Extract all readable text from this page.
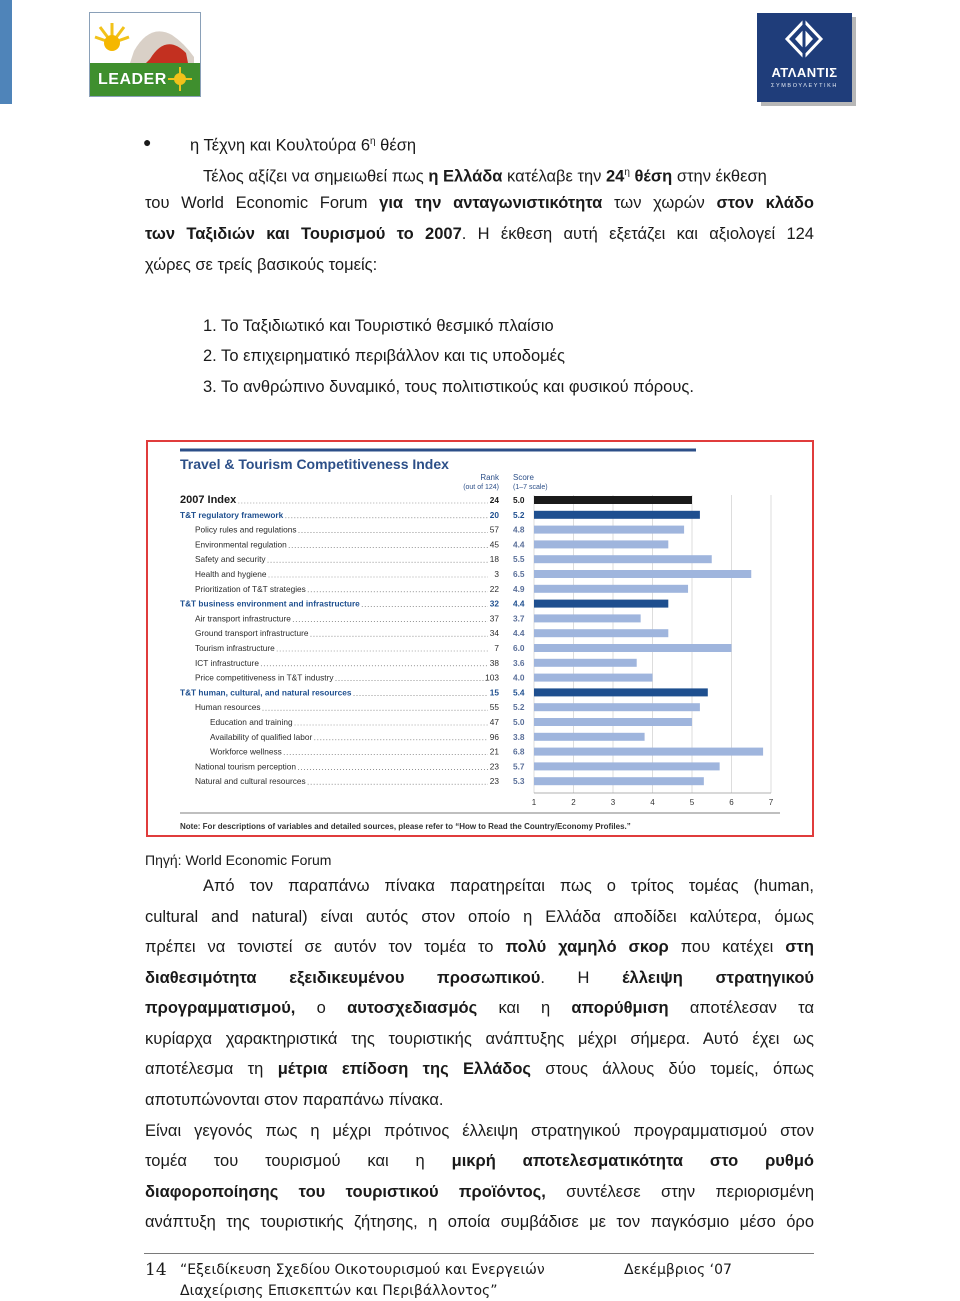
LEADER	ΑΤΛΑΝΤΙΣ
ΣΥΜΒΟΥΛΕΥΤΙΚΗ
● η Τέχνη και Κουλτούρα $6^\eta$ θέση
Τέλος αξίζει να σημειωθεί πως η Ελλάδα κατέλαβε την $24^\eta$ θέση στην έκθεση
του World Economic Forum για την ανταγωνιστικότητα των χωρών στον κλάδο
των Ταξιδιών και Τουρισμού το 2007. Η έκθεση αυτή εξετάζει και αξιολογεί 124
χώρες σε τρείς βασικούς τομείς:
1. Το Ταξιδιωτικό και Τουριστικό θεσμικό πλαίσιο
2. Το επιχειρηματικό περιβάλλον και τις υποδομές
3. Το ανθρώπινο δυναμικό, τους πολιτιστικούς και φυσικού πόρους.
Travel & Tourism Competitiveness Index
Rank
(out of 124)
Score
(1–7 scale)
2007 Index	24 5.0
T&T regulatory framework	20 5.2
Policy rules and regulations	57 4.8
Environmental regulation	45 4.4
Safety and security	18 5.5
Health and hygiene	3 6.5
Prioritization of T&T strategies	22 4.9
T&T business environment and infrastructure	32 4.4
Air transport infrastructure	37 3.7
Ground transport infrastructure	34 4.4
Tourism infrastructure	7 6.0
ICT infrastructure	38 3.6
Price competitiveness in T&T industry	103 4.0
T&T human, cultural, and natural resources	15 5.4
Human resources	55 5.2
Education and training	47 5.0
Availability of qualified labor	96 3.8
Workforce wellness	21 6.8
National tourism perception	23 5.7
Natural and cultural resources	23 5.3
1	2	3	4	5	6	7
Note: For descriptions of variables and detailed sources, please refer to “How to Read the Country/Economy Profiles.”
Πηγή: World Economic Forum
Από τον παραπάνω πίνακα παρατηρείται πως ο τρίτος τομέας (human,
cultural and natural) είναι αυτός στον οποίο η Ελλάδα αποδίδει καλύτερα, όμως
πρέπει να τονιστεί σε αυτόν τον τομέα το πολύ χαμηλό σκορ που κατέχει στη
διαθεσιμότητα εξειδικευμένου προσωπικού. Η έλλειψη στρατηγικού
προγραμματισμού, ο αυτοσχεδιασμός και η απορύθμιση αποτέλεσαν τα
κυρίαρχα χαρακτηριστικά της τουριστικής ανάπτυξης μέχρι σήμερα. Αυτό έχει ως
αποτέλεσμα τη μέτρια επίδοση της Ελλάδος στους άλλους δύο τομείς, όπως
αποτυπώνονται στον παραπάνω πίνακα.
Είναι γεγονός πως η μέχρι πρότινος έλλειψη στρατηγικού προγραμματισμού στον
τομέα του τουρισμού και η μικρή αποτελεσματικότητα στο ρυθμό
διαφοροποίησης του τουριστικού προϊόντος, συντέλεσε στην περιορισμένη
ανάπτυξη της τουριστικής ζήτησης, η οποία συμβάδισε με τον παγκόσμιο μέσο όρο
14 “Εξειδίκευση Σχεδίου Οικοτουρισμού και Ενεργειών
Διαχείρισης Επισκεπτών και Περιβάλλοντος”
Δεκέμβριος ‘07
